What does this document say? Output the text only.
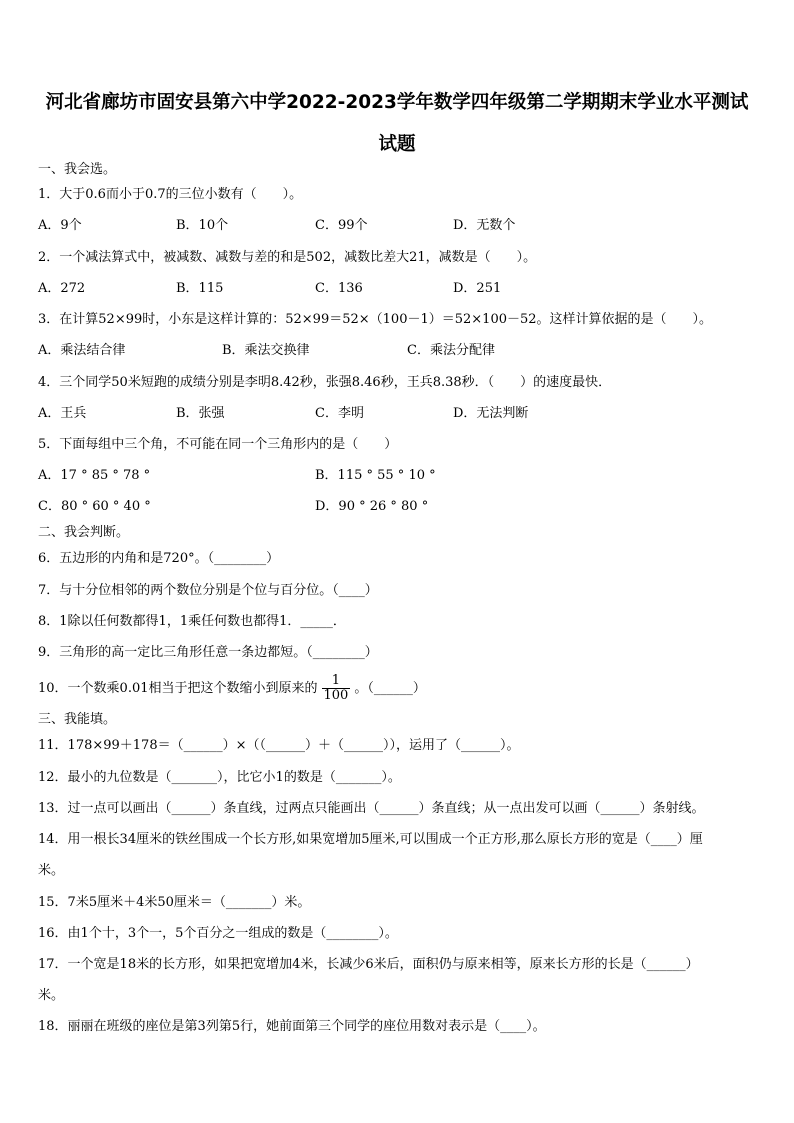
河北省廊坊市固安县第六中学2022-2023学年数学四年级第二学期期末学业水平测试
试题
一、我会选。
1．大于0.6而小于0.7的三位小数有（　　）。
A．9个	B．10个	C．99个	D．无数个
2．一个减法算式中，被减数、减数与差的和是502，减数比差大21，减数是（　　）。
A．272	B．115	C．136	D．251
3．在计算52×99时，小东是这样计算的：52×99＝52×（100－1）＝52×100－52。这样计算依据的是（　　）。
A．乘法结合律	B．乘法交换律	C．乘法分配律
4．三个同学50米短跑的成绩分别是李明8.42秒，张强8.46秒，王兵8.38秒．（　　）的速度最快．
A．王兵	B．张强	C．李明	D．无法判断
5．下面每组中三个角，不可能在同一个三角形内的是（　　）
A．17 ° 85 ° 78 °	B．115 ° 55 ° 10 °
C．80 ° 60 ° 40 °	D．90 ° 26 ° 80 °
二、我会判断。
6．五边形的内角和是720°。（________）
7．与十分位相邻的两个数位分别是个位与百分位。（____）
8．1除以任何数都得1，1乘任何数也都得1．_____．
9．三角形的高一定比三角形任意一条边都短。（________）
10．一个数乘0.01相当于把这个数缩小到原来的 $\frac{1}{100}$ 。（______）
三、我能填。
11．178×99＋178＝（______）×（（______）＋（______）），运用了（______）。
12．最小的九位数是（_______），比它小1的数是（_______）。
13．过一点可以画出（______）条直线，过两点只能画出（______）条直线；从一点出发可以画（______）条射线。
14．用一根长34厘米的铁丝围成一个长方形,如果宽增加5厘米,可以围成一个正方形,那么原长方形的宽是（____）厘
米。
15．7米5厘米＋4米50厘米＝（_______）米。
16．由1个十，3个一，5个百分之一组成的数是（________）。
17．一个宽是18米的长方形，如果把宽增加4米，长减少6米后，面积仍与原来相等，原来长方形的长是（______）
米。
18．丽丽在班级的座位是第3列第5行，她前面第三个同学的座位用数对表示是（____）。
